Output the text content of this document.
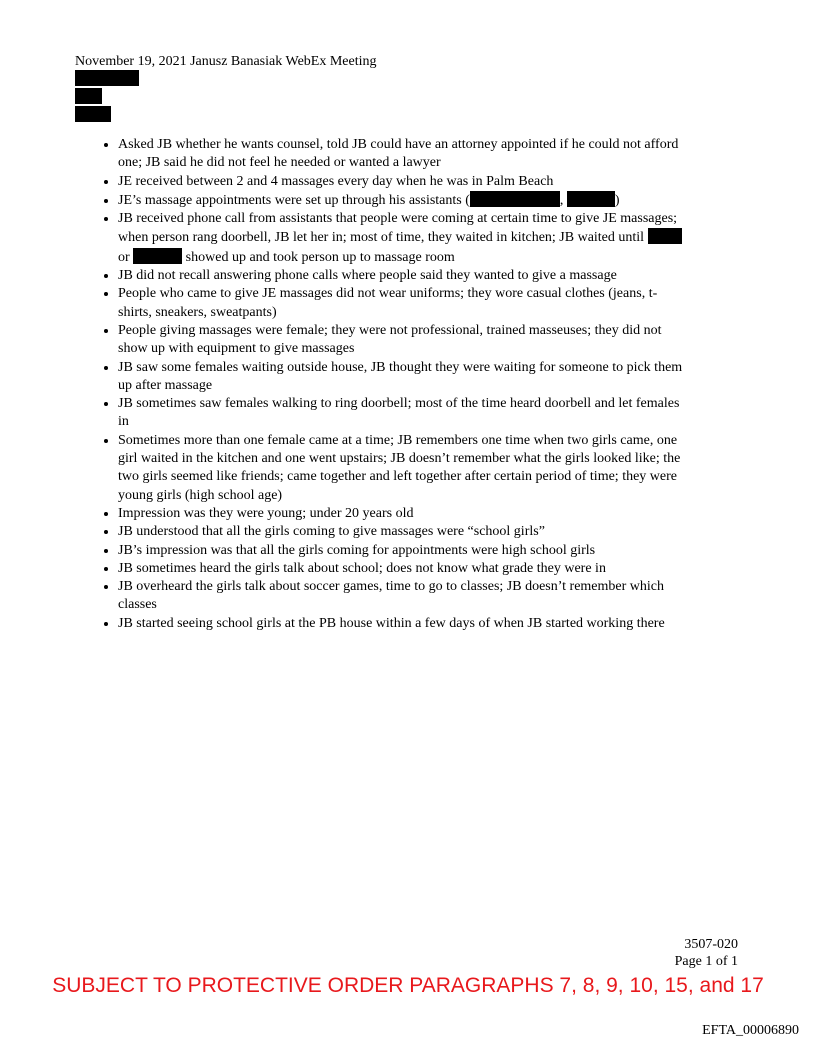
November 19, 2021 Janusz Banasiak WebEx Meeting
• Asked JB whether he wants counsel, told JB could have an attorney appointed if he could not afford one; JB said he did not feel he needed or wanted a lawyer
• JE received between 2 and 4 massages every day when he was in Palm Beach
• JE’s massage appointments were set up through his assistants (	,	)
• JB received phone call from assistants that people were coming at certain time to give JE massages; when person rang doorbell, JB let her in; most of time, they waited in kitchen; JB waited until  or	showed up and took person up to massage room
• JB did not recall answering phone calls where people said they wanted to give a massage
• People who came to give JE massages did not wear uniforms; they wore casual clothes (jeans, t-shirts, sneakers, sweatpants)
• People giving massages were female; they were not professional, trained masseuses; they did not show up with equipment to give massages
• JB saw some females waiting outside house, JB thought they were waiting for someone to pick them up after massage
• JB sometimes saw females walking to ring doorbell; most of the time heard doorbell and let females in
• Sometimes more than one female came at a time; JB remembers one time when two girls came, one girl waited in the kitchen and one went upstairs; JB doesn’t remember what the girls looked like; the two girls seemed like friends; came together and left together after certain period of time; they were young girls (high school age)
• Impression was they were young; under 20 years old
• JB understood that all the girls coming to give massages were “school girls”
• JB’s impression was that all the girls coming for appointments were high school girls
• JB sometimes heard the girls talk about school; does not know what grade they were in
• JB overheard the girls talk about soccer games, time to go to classes; JB doesn’t remember which classes
• JB started seeing school girls at the PB house within a few days of when JB started working there
3507-020
Page 1 of 1
SUBJECT TO PROTECTIVE ORDER PARAGRAPHS 7, 8, 9, 10, 15, and 17
EFTA_00006890
